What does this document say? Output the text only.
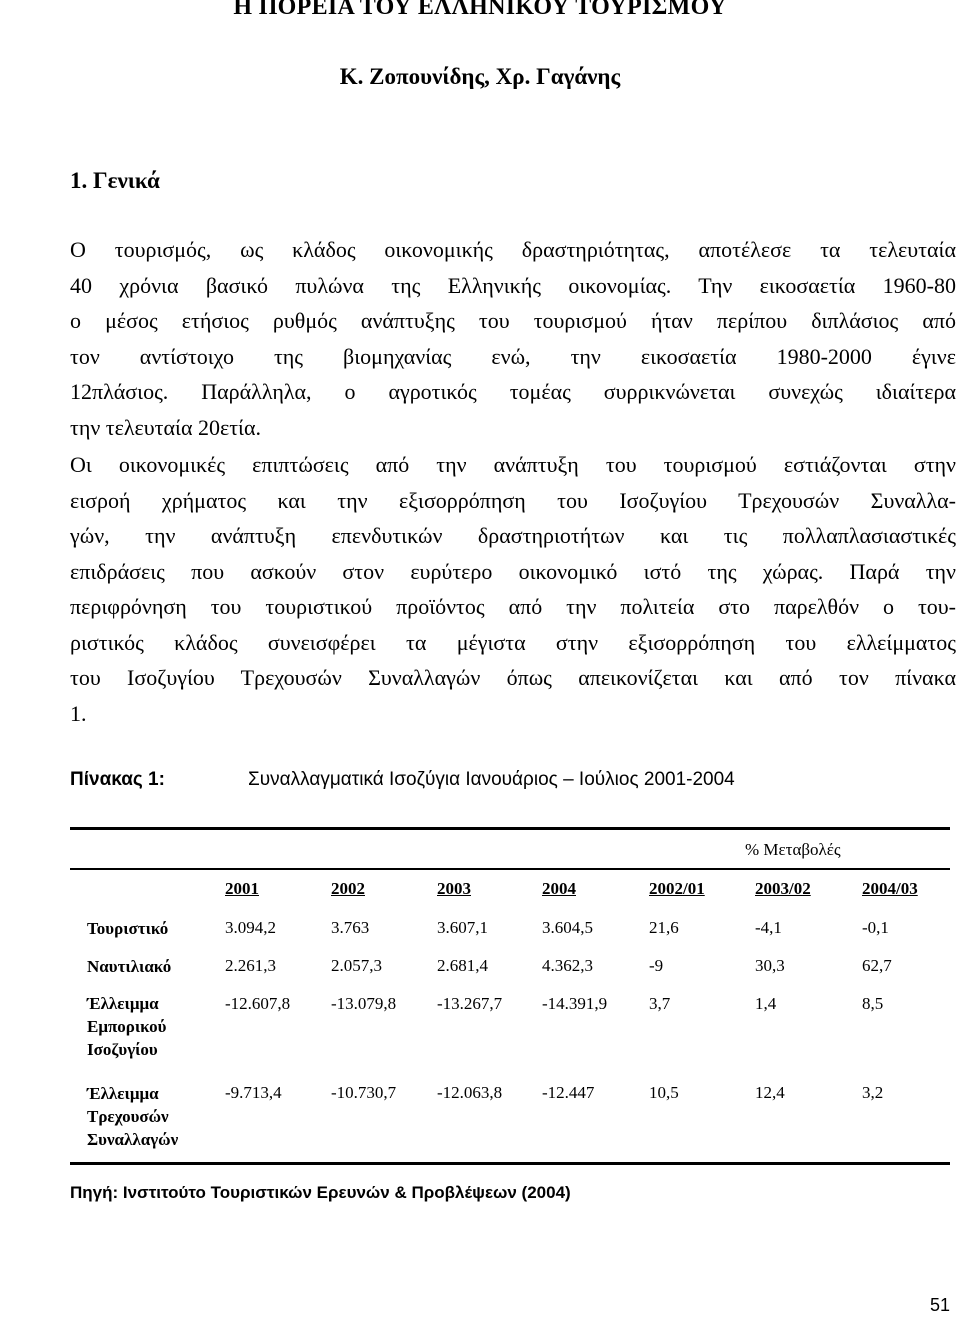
Η ΠΟΡΕΙΑ ΤΟΥ ΕΛΛΗΝΙΚΟΥ ΤΟΥΡΙΣΜΟΥ
Κ. Ζοπουνίδης, Χρ. Γαγάνης
1. Γενικά

Ο τουρισμός, ως κλάδος οικονομικής δραστηριότητας, αποτέλεσε τα τελευταία
40 χρόνια βασικό πυλώνα της Ελληνικής οικονομίας. Την εικοσαετία 1960-80
ο μέσος ετήσιος ρυθμός ανάπτυξης του τουρισμού ήταν περίπου διπλάσιος από
τον αντίστοιχο της βιομηχανίας ενώ, την εικοσαετία 1980-2000 έγινε
12πλάσιος. Παράλληλα, ο αγροτικός τομέας συρρικνώνεται συνεχώς ιδιαίτερα
την τελευταία 20ετία.

Οι οικονομικές επιπτώσεις από την ανάπτυξη του τουρισμού εστιάζονται στην
εισροή χρήματος και την εξισορρόπηση του Ισοζυγίου Τρεχουσών Συναλλα-
γών, την ανάπτυξη επενδυτικών δραστηριοτήτων και τις πολλαπλασιαστικές
επιδράσεις που ασκούν στον ευρύτερο οικονομικό ιστό της χώρας. Παρά την
περιφρόνηση του τουριστικού προϊόντος από την πολιτεία στο παρελθόν ο του-
ριστικός κλάδος συνεισφέρει τα μέγιστα στην εξισορρόπηση του ελλείμματος
του Ισοζυγίου Τρεχουσών Συναλλαγών όπως απεικονίζεται και από τον πίνακα
1.

Πίνακας 1:	Συναλλαγματικά Ισοζύγια Ιανουάριος – Ιούλιος 2001-2004
% Μεταβολές
2001	2002	2003	2004	2002/01	2003/02	2004/03
Τουριστικό	3.094,2	3.763	3.607,1	3.604,5	21,6	-4,1	-0,1
Ναυτιλιακό	2.261,3	2.057,3	2.681,4	4.362,3	-9	30,3	62,7
Έλλειμμα
Εμπορικού
Ισοζυγίου
-12.607,8 -13.079,8 -13.267,7 -14.391,9 3,7	1,4	8,5
Έλλειμμα
Τρεχουσών
Συναλλαγών
-9.713,4	-10.730,7 -12.063,8 -12.447	10,5	12,4	3,2
Πηγή: Ινστιτούτο Τουριστικών Ερευνών & Προβλέψεων (2004)
51
